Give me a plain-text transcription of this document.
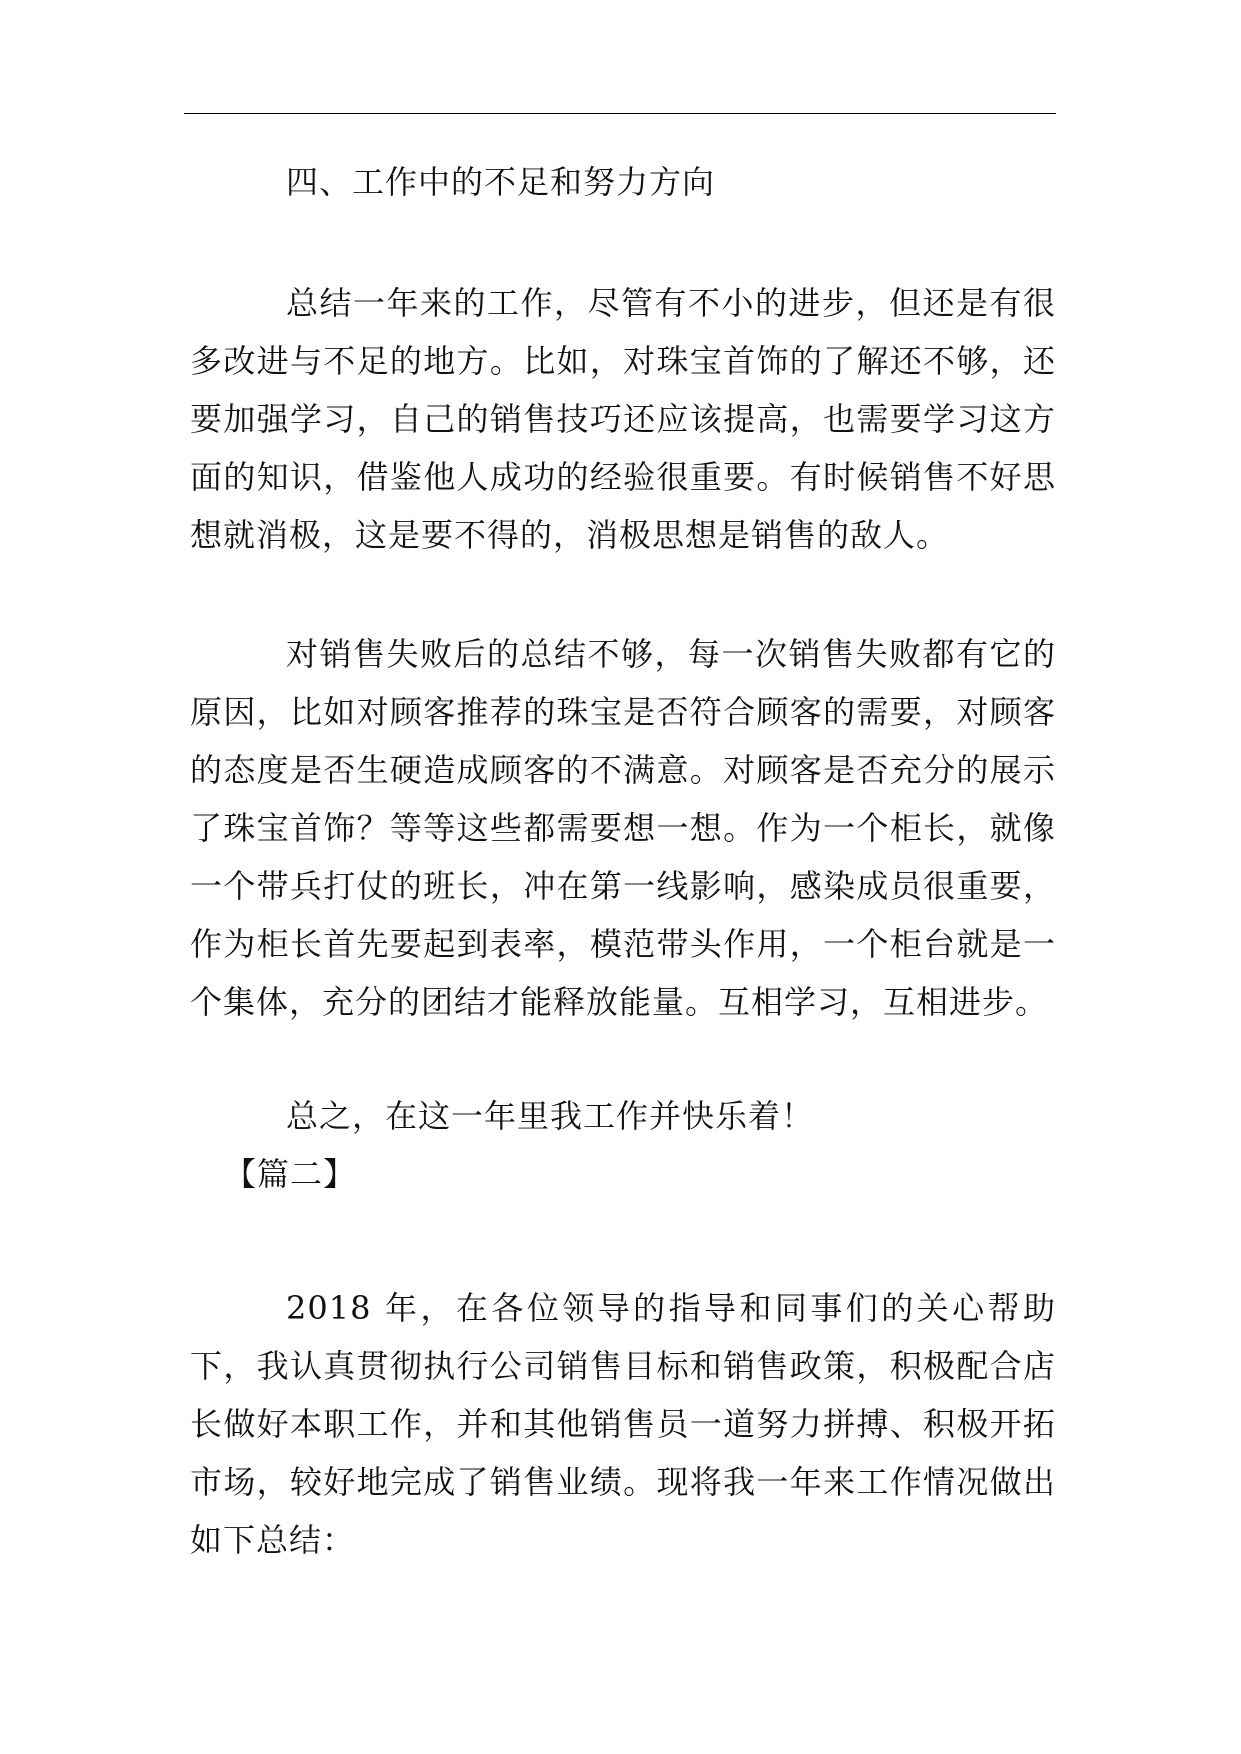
四、工作中的不足和努力方向

总结一年来的工作，尽管有不小的进步，但还是有很多改进与不足的地方。比如，对珠宝首饰的了解还不够，还要加强学习，自己的销售技巧还应该提高，也需要学习这方面的知识，借鉴他人成功的经验很重要。有时候销售不好思想就消极，这是要不得的，消极思想是销售的敌人。

对销售失败后的总结不够，每一次销售失败都有它的原因，比如对顾客推荐的珠宝是否符合顾客的需要，对顾客的态度是否生硬造成顾客的不满意。对顾客是否充分的展示了珠宝首饰？等等这些都需要想一想。作为一个柜长，就像一个带兵打仗的班长，冲在第一线影响，感染成员很重要，作为柜长首先要起到表率，模范带头作用，一个柜台就是一个集体，充分的团结才能释放能量。互相学习，互相进步。

总之，在这一年里我工作并快乐着！

【篇二】

2018 年，在各位领导的指导和同事们的关心帮助下，我认真贯彻执行公司销售目标和销售政策，积极配合店长做好本职工作，并和其他销售员一道努力拼搏、积极开拓市场，较好地完成了销售业绩。现将我一年来工作情况做出如下总结：
